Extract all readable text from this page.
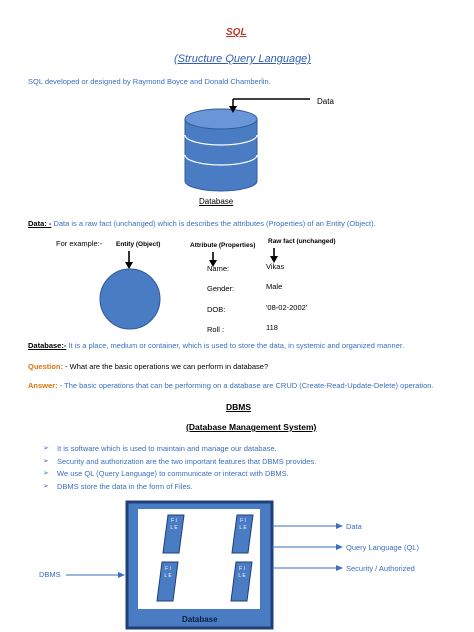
SQL
(Structure Query Language)
SQL developed or designed by Raymond Boyce and Donald Chamberlin.
Data
Database
Data: - Data is a raw fact (unchanged) which is describes the attributes (Properties) of an Entity (Object).
For example:- Entity (Object)	Attribute (Properties)
Raw fact (unchanged)
Name:	Vikas
Gender:	Male
DOB:	'08-02-2002'
Roll :	118
Database:- It is a place, medium or container, which is used to store the data, in systemic and organized manner.
Question: - What are the basic operations we can perform in database?
Answer: - The basic operations that can be performing on a database are CRUD (Create-Read-Update-Delete) operation.
DBMS
(Database Management System)
➢ It is software which is used to maintain and manage our database.
➢ Security and authorization are the two important features that DBMS provides.
➢ We use QL (Query Language) to communicate or interact with DBMS.
➢ DBMS store the data in the form of Files.
F I L E
F I L E
F I L E
F I L E
Database
DBMS
Data
Query Language (QL)
Security / Authorized
